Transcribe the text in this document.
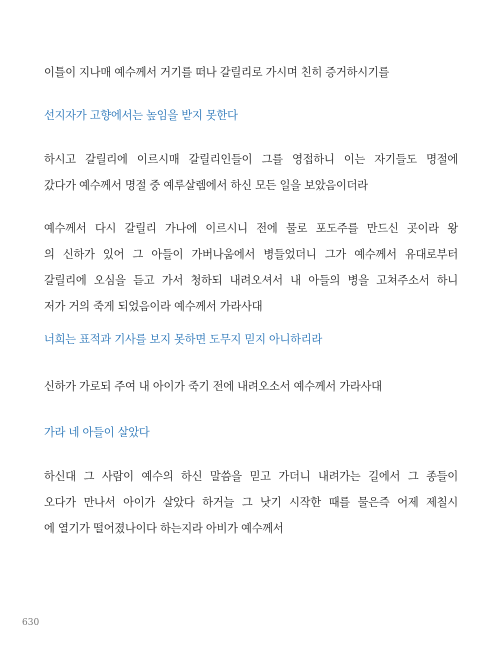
이틀이 지나매 예수께서 거기를 떠나 갈릴리로 가시며 친히 증거하시기를

선지자가 고향에서는 높임을 받지 못한다

하시고 갈릴리에 이르시매 갈릴리인들이 그를 영접하니 이는 자기들도 명절에
갔다가 예수께서 명절 중 예루살렘에서 하신 모든 일을 보았음이더라

예수께서 다시 갈릴리 가나에 이르시니 전에 물로 포도주를 만드신 곳이라 왕
의 신하가 있어 그 아들이 가버나움에서 병들었더니 그가 예수께서 유대로부터
갈릴리에 오심을 듣고 가서 청하되 내려오셔서 내 아들의 병을 고쳐주소서 하니
저가 거의 죽게 되었음이라 예수께서 가라사대

너희는 표적과 기사를 보지 못하면 도무지 믿지 아니하리라

신하가 가로되 주여 내 아이가 죽기 전에 내려오소서 예수께서 가라사대

가라 네 아들이 살았다

하신대 그 사람이 예수의 하신 말씀을 믿고 가더니 내려가는 길에서 그 종들이
오다가 만나서 아이가 살았다 하거늘 그 낫기 시작한 때를 물은즉 어제 제칠시
에 열기가 떨어졌나이다 하는지라 아비가 예수께서

630
